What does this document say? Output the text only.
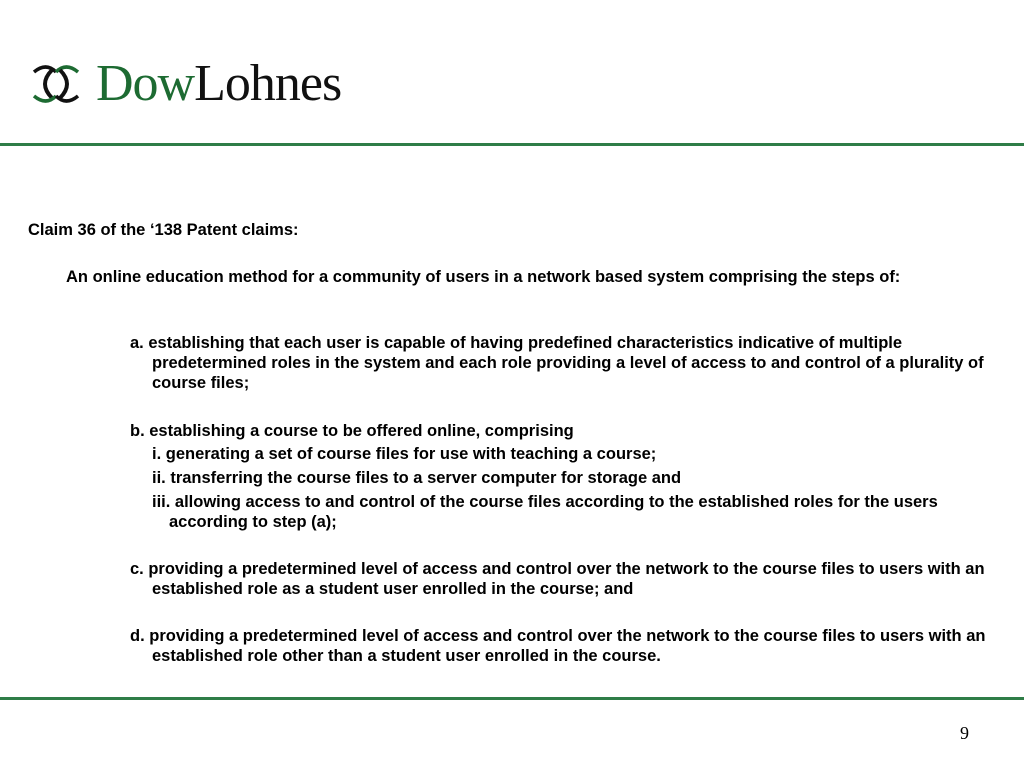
DowLohnes

Claim 36 of the ‘138 Patent claims:

An online education method for a community of users in a network based system comprising the steps of:

a. establishing that each user is capable of having predefined characteristics indicative of multiple predetermined roles in the system and each role providing a level of access to and control of a plurality of course files;

b. establishing a course to be offered online, comprising

i. generating a set of course files for use with teaching a course;

ii. transferring the course files to a server computer for storage and

iii. allowing access to and control of the course files according to the established roles for the users according to step (a);

c. providing a predetermined level of access and control over the network to the course files to users with an established role as a student user enrolled in the course; and

d. providing a predetermined level of access and control over the network to the course files to users with an established role other than a student user enrolled in the course.

9
